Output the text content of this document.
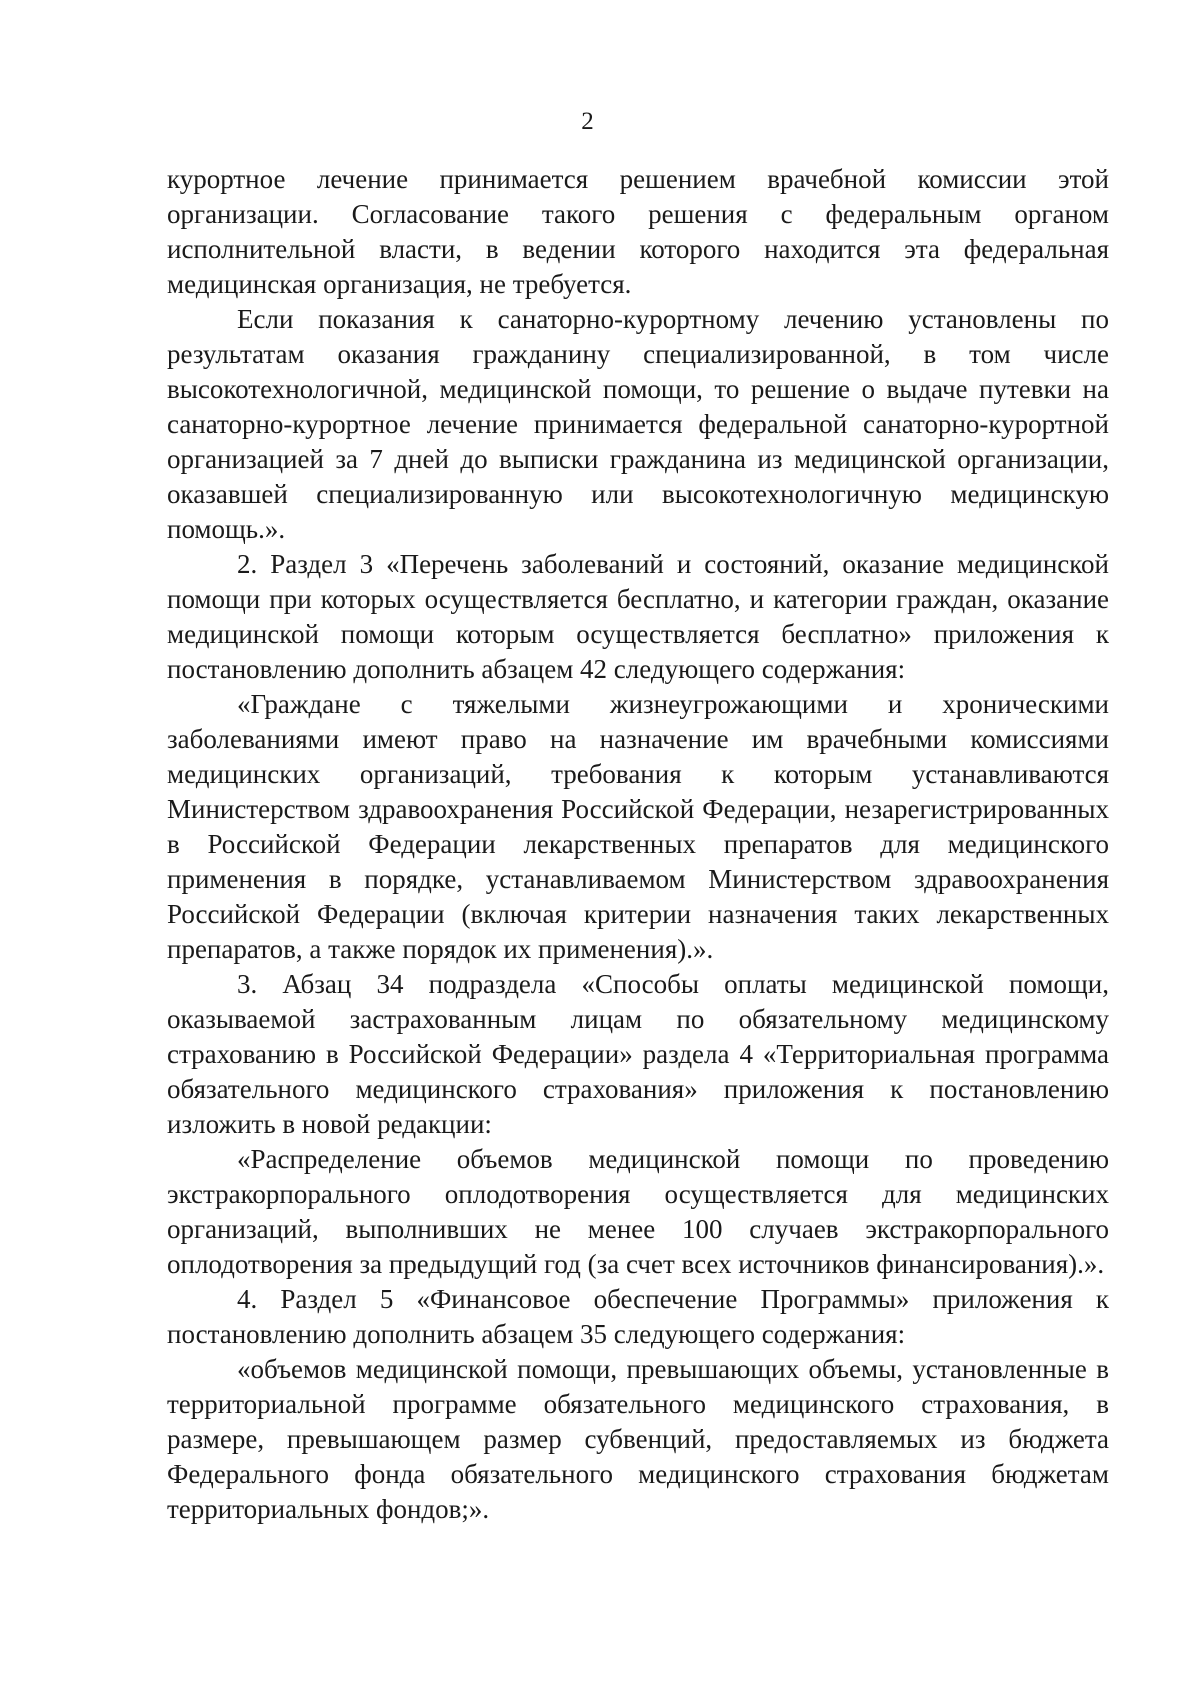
2

курортное лечение принимается решением врачебной комиссии этой организации. Согласование такого решения с федеральным органом исполнительной власти, в ведении которого находится эта федеральная медицинская организация, не требуется.

Если показания к санаторно-курортному лечению установлены по результатам оказания гражданину специализированной, в том числе высокотехнологичной, медицинской помощи, то решение о выдаче путевки на санаторно-курортное лечение принимается федеральной санаторно-курортной организацией за 7 дней до выписки гражданина из медицинской организации, оказавшей специализированную или высокотехнологичную медицинскую помощь.».

2. Раздел 3 «Перечень заболеваний и состояний, оказание медицинской помощи при которых осуществляется бесплатно, и категории граждан, оказание медицинской помощи которым осуществляется бесплатно» приложения к постановлению дополнить абзацем 42 следующего содержания:

«Граждане с тяжелыми жизнеугрожающими и хроническими заболеваниями имеют право на назначение им врачебными комиссиями медицинских организаций, требования к которым устанавливаются Министерством здравоохранения Российской Федерации, незарегистрированных в Российской Федерации лекарственных препаратов для медицинского применения в порядке, устанавливаемом Министерством здравоохранения Российской Федерации (включая критерии назначения таких лекарственных препаратов, а также порядок их применения).».

3. Абзац 34 подраздела «Способы оплаты медицинской помощи, оказываемой застрахованным лицам по обязательному медицинскому страхованию в Российской Федерации» раздела 4 «Территориальная программа обязательного медицинского страхования» приложения к постановлению изложить в новой редакции:

«Распределение объемов медицинской помощи по проведению экстракорпорального оплодотворения осуществляется для медицинских организаций, выполнивших не менее 100 случаев экстракорпорального оплодотворения за предыдущий год (за счет всех источников финансирования).».

4. Раздел 5 «Финансовое обеспечение Программы» приложения к постановлению дополнить абзацем 35 следующего содержания:

«объемов медицинской помощи, превышающих объемы, установленные в территориальной программе обязательного медицинского страхования, в размере, превышающем размер субвенций, предоставляемых из бюджета Федерального фонда обязательного медицинского страхования бюджетам территориальных фондов;».
